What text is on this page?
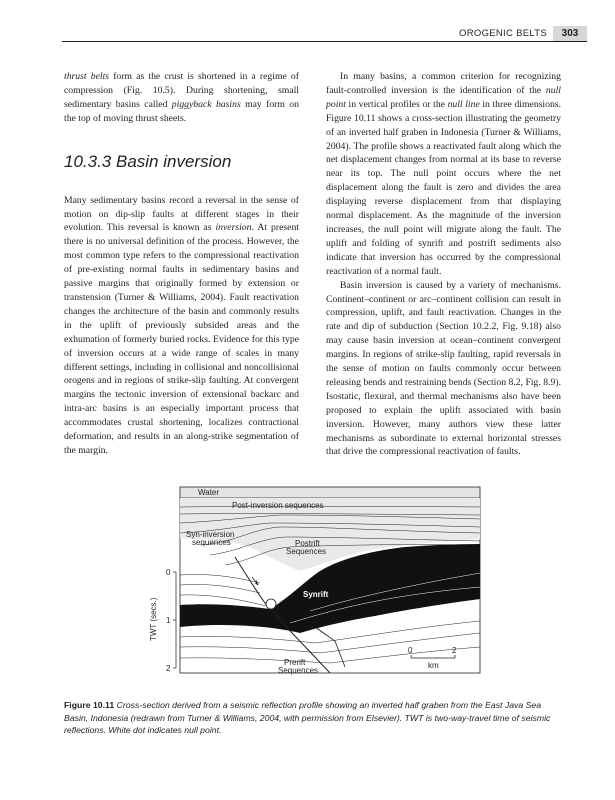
OROGENIC BELTS	303

thrust belts form as the crust is shortened in a regime of compression (Fig. 10.5). During shortening, small sedimentary basins called piggyback basins may form on the top of moving thrust sheets.

10.3.3 Basin inversion

Many sedimentary basins record a reversal in the sense of motion on dip-slip faults at different stages in their evolution. This reversal is known as inversion. At present there is no universal definition of the process. However, the most common type refers to the compressional reactivation of pre-existing normal faults in sedimentary basins and passive margins that originally formed by extension or transtension (Turner & Williams, 2004). Fault reactivation changes the architecture of the basin and commonly results in the uplift of previously subsided areas and the exhumation of formerly buried rocks. Evidence for this type of inversion occurs at a wide range of scales in many different settings, including in collisional and noncollisional orogens and in regions of strike-slip faulting. At convergent margins the tectonic inversion of extensional backarc and intra-arc basins is an especially important process that accommodates crustal shortening, localizes contractional deformation, and results in an along-strike segmentation of the margin.

In many basins, a common criterion for recognizing fault-controlled inversion is the identification of the null point in vertical profiles or the null line in three dimensions. Figure 10.11 shows a cross-section illustrating the geometry of an inverted half graben in Indonesia (Turner & Williams, 2004). The profile shows a reactivated fault along which the net displacement changes from normal at its base to reverse near its top. The null point occurs where the net displacement along the fault is zero and divides the area displaying reverse displacement from that displaying normal displacement. As the magnitude of the inversion increases, the null point will migrate along the fault. The uplift and folding of synrift and postrift sediments also indicate that inversion has occurred by the compressional reactivation of a normal fault.

Basin inversion is caused by a variety of mechanisms. Continent–continent or arc–continent collision can result in compression, uplift, and fault reactivation. Changes in the rate and dip of subduction (Section 10.2.2, Fig. 9.18) also may cause basin inversion at ocean–continent convergent margins. In regions of strike-slip faulting, rapid reversals in the sense of motion on faults commonly occur between releasing bends and restraining bends (Section 8.2, Fig. 8.9). Isostatic, flexural, and thermal mechanisms also have been proposed to explain the uplift associated with basin inversion. However, many authors view these latter mechanisms as subordinate to external horizontal stresses that drive the compressional reactivation of faults.

Water
Post-inversion sequences
Syn-inversion
sequences	Postrift
Sequences
Synrift
Prerift
Sequences
0
1
2
TWT (secs.)
0	2
km
Figure 10.11 Cross-section derived from a seismic reflection profile showing an inverted half graben from the East Java Sea Basin, Indonesia (redrawn from Turner & Williams, 2004, with permission from Elsevier). TWT is two-way-travel time of seismic reflections. White dot indicates null point.
